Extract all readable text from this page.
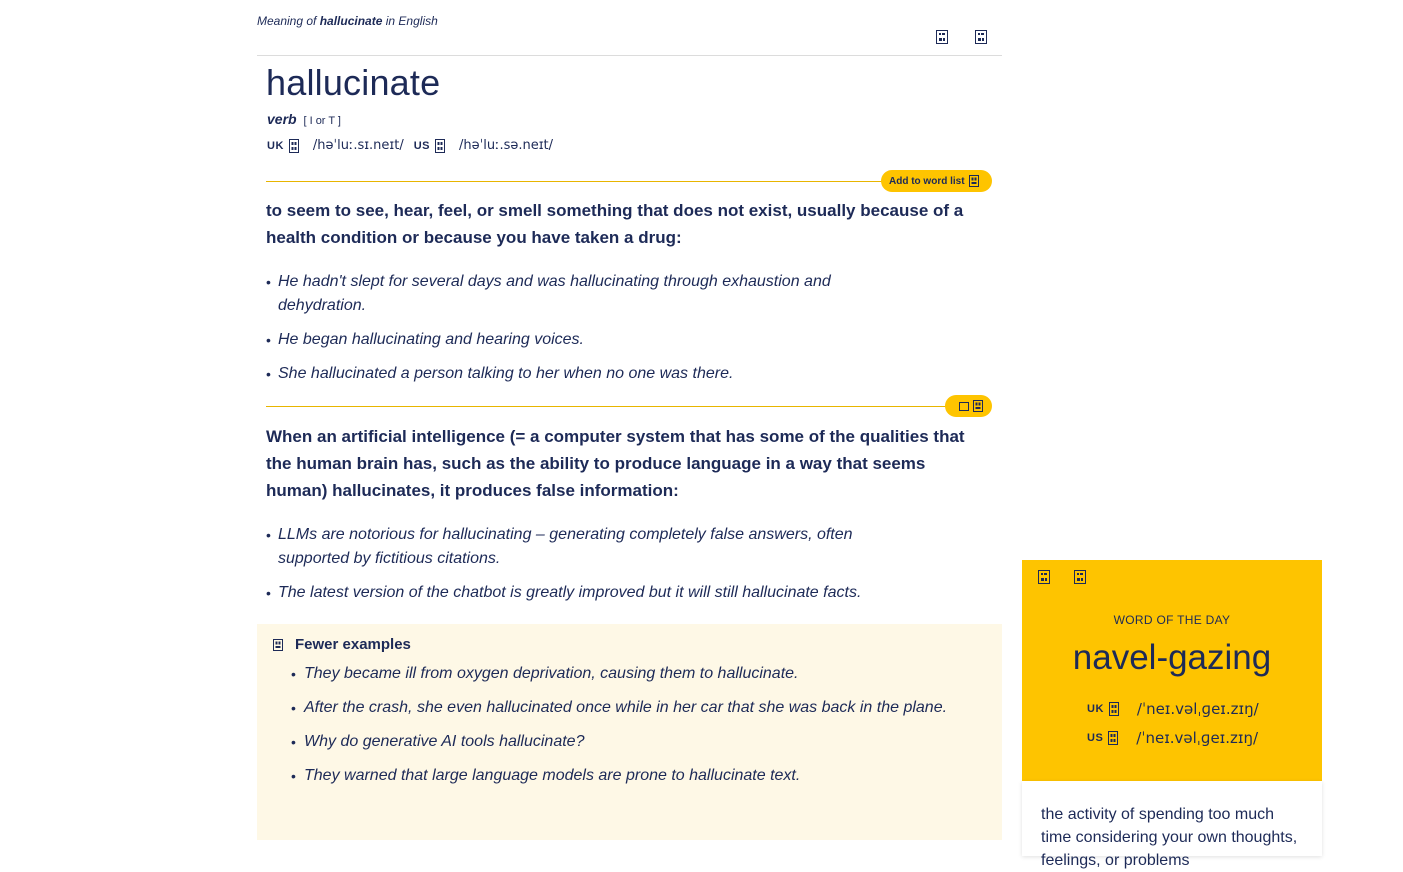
Meaning of hallucinate in English
hallucinate
verb [ I or T ]
UK /həˈluː.sɪ.neɪt/ US /həˈluː.sə.neɪt/
Add to word list
to seem to see, hear, feel, or smell something that does not exist, usually because of a health condition or because you have taken a drug:
• He hadn't slept for several days and was hallucinating through exhaustion and dehydration.
• He began hallucinating and hearing voices.
• She hallucinated a person talking to her when no one was there.
When an artificial intelligence (= a computer system that has some of the qualities that the human brain has, such as the ability to produce language in a way that seems human) hallucinates, it produces false information:
• LLMs are notorious for hallucinating – generating completely false answers, often supported by fictitious citations.
• The latest version of the chatbot is greatly improved but it will still hallucinate facts.
Fewer examples
• They became ill from oxygen deprivation, causing them to hallucinate.
• After the crash, she even hallucinated once while in her car that she was back in the plane.
• Why do generative AI tools hallucinate?
• They warned that large language models are prone to hallucinate text.
WORD OF THE DAY
navel-gazing
UK /ˈneɪ.vəlˌɡeɪ.zɪŋ/
US /ˈneɪ.vəlˌɡeɪ.zɪŋ/
the activity of spending too much time considering your own thoughts, feelings, or problems
